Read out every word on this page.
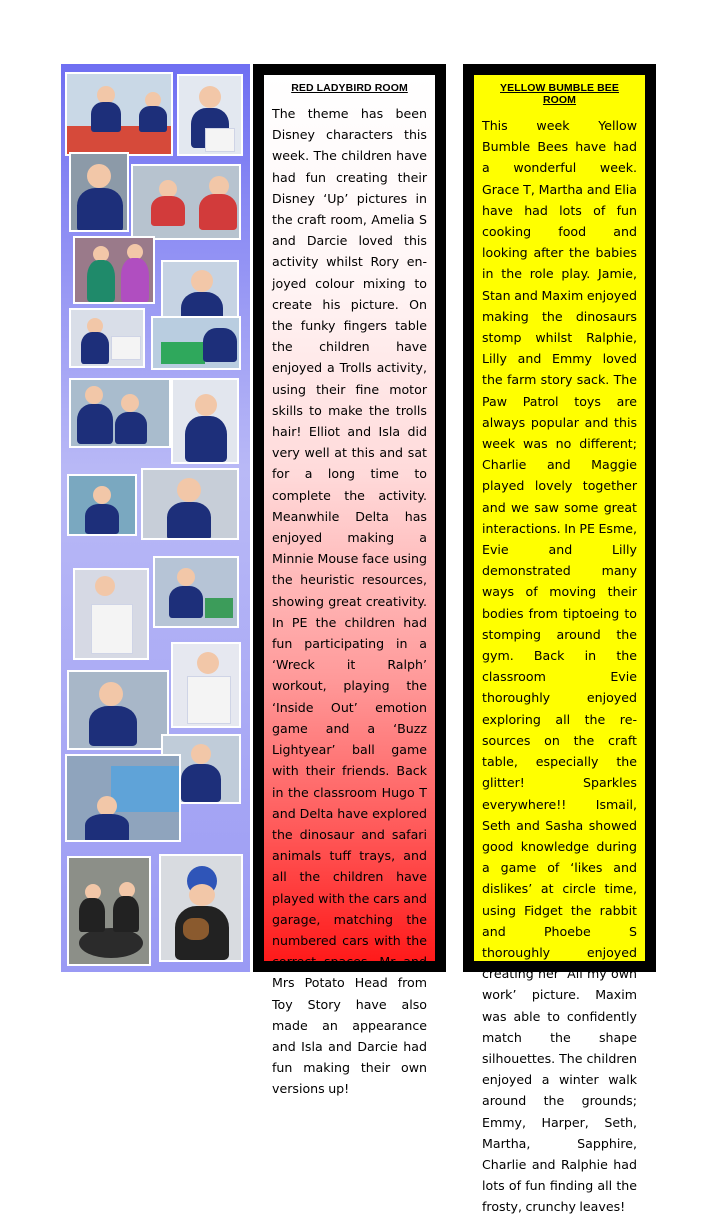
RED LADYBIRD ROOM

The theme has been Disney characters this week. The children have had fun creating their Disney ‘Up’ pictures in the craft room, Amelia S and Darcie loved this activity whilst Rory enjoyed colour mixing to create his picture. On the funky fingers table the children have enjoyed a Trolls activity, using their fine motor skills to make the trolls hair! Elliot and Isla did very well at this and sat for a long time to complete the activity. Meanwhile Delta has enjoyed making a Minnie Mouse face using the heuristic resources, showing great creativity. In PE the children had fun participating in a ‘Wreck it Ralph’ workout, playing the ‘Inside Out’ emotion game and a ‘Buzz Lightyear’ ball game with their friends. Back in the classroom Hugo T and Delta have explored the dinosaur and safari animals tuff trays, and all the children have played with the cars and garage, matching the numbered cars with the correct spaces. Mr and Mrs Potato Head from Toy Story have also made an appearance and Isla and Darcie had fun making their own versions up!

YELLOW BUMBLE BEE ROOM

This week Yellow Bumble Bees have had a wonderful week. Grace T, Martha and Elia have had lots of fun cooking food and looking after the babies in the role play. Jamie, Stan and Maxim enjoyed making the dinosaurs stomp whilst Ralphie, Lilly and Emmy loved the farm story sack. The Paw Patrol toys are always popular and this week was no different; Charlie and Maggie played lovely together and we saw some great interactions. In PE Esme, Evie and Lilly demonstrated many ways of moving their bodies from tiptoeing to stomping around the gym. Back in the classroom Evie thoroughly enjoyed exploring all the resources on the craft table, especially the glitter! Sparkles everywhere!! Ismail, Seth and Sasha showed good knowledge during a game of ‘likes and dislikes’ at circle time, using Fidget the rabbit and Phoebe S thoroughly enjoyed creating her ‘All my own work’ picture. Maxim was able to confidently match the shape silhouettes. The children enjoyed a winter walk around the grounds; Emmy, Harper, Seth, Martha, Sapphire, Charlie and Ralphie had lots of fun finding all the frosty, crunchy leaves!
